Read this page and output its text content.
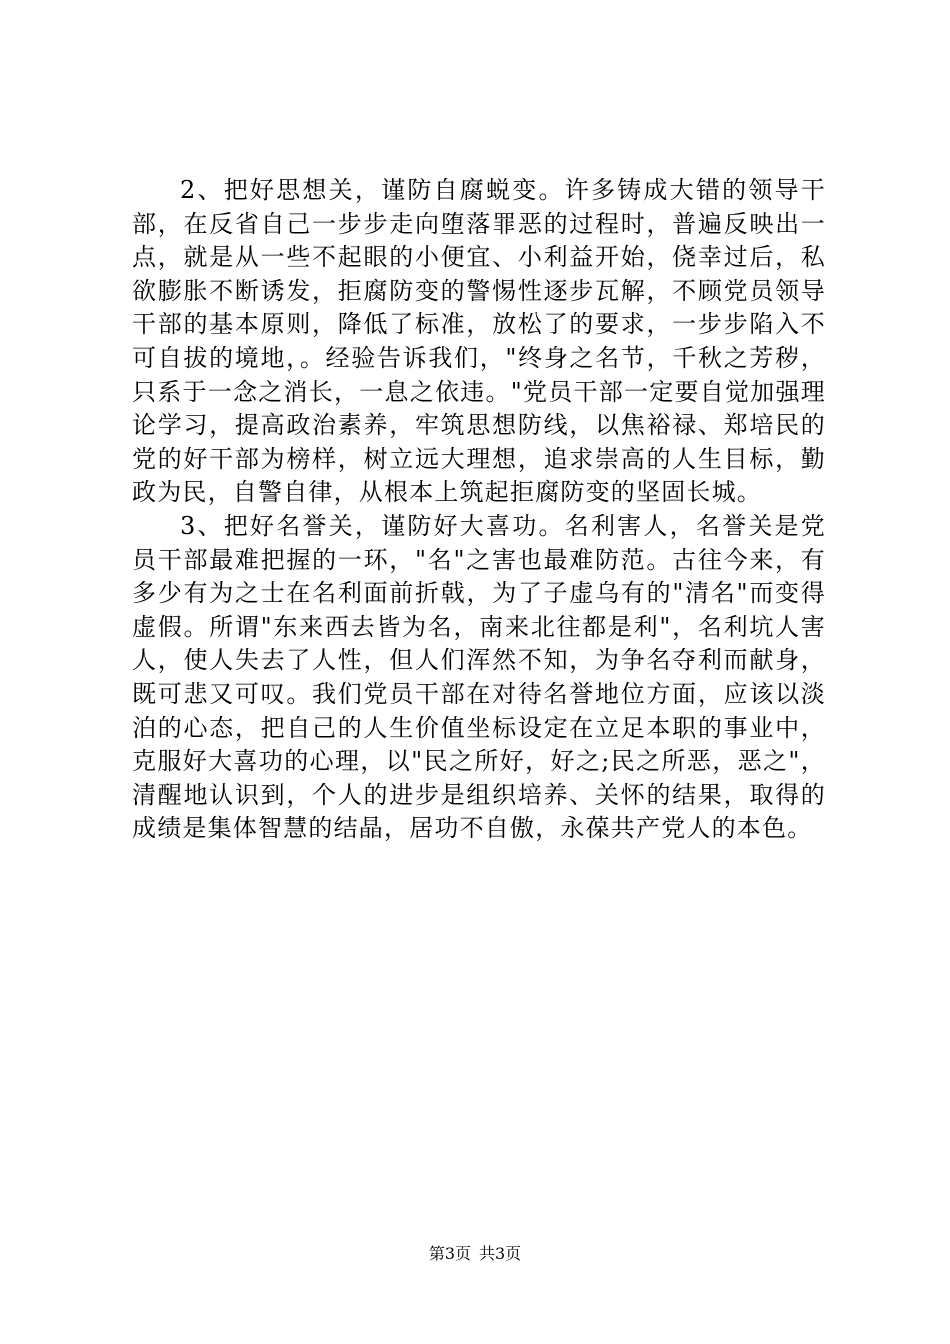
2、把好思想关，谨防自腐蜕变。许多铸成大错的领导干部，在反省自己一步步走向堕落罪恶的过程时，普遍反映出一点，就是从一些不起眼的小便宜、小利益开始，侥幸过后，私欲膨胀不断诱发，拒腐防变的警惕性逐步瓦解，不顾党员领导干部的基本原则，降低了标准，放松了的要求，一步步陷入不可自拔的境地，。经验告诉我们，"终身之名节，千秋之芳秽，只系于一念之消长，一息之依违。"党员干部一定要自觉加强理论学习，提高政治素养，牢筑思想防线，以焦裕禄、郑培民的党的好干部为榜样，树立远大理想，追求崇高的人生目标，勤政为民，自警自律，从根本上筑起拒腐防变的坚固长城。

3、把好名誉关，谨防好大喜功。名利害人，名誉关是党员干部最难把握的一环，"名"之害也最难防范。古往今来，有多少有为之士在名利面前折戟，为了子虚乌有的"清名"而变得虚假。所谓"东来西去皆为名，南来北往都是利"，名利坑人害人，使人失去了人性，但人们浑然不知，为争名夺利而献身，既可悲又可叹。我们党员干部在对待名誉地位方面，应该以淡泊的心态，把自己的人生价值坐标设定在立足本职的事业中，克服好大喜功的心理，以"民之所好，好之;民之所恶，恶之"，清醒地认识到，个人的进步是组织培养、关怀的结果，取得的成绩是集体智慧的结晶，居功不自傲，永葆共产党人的本色。

第3页 共3页
